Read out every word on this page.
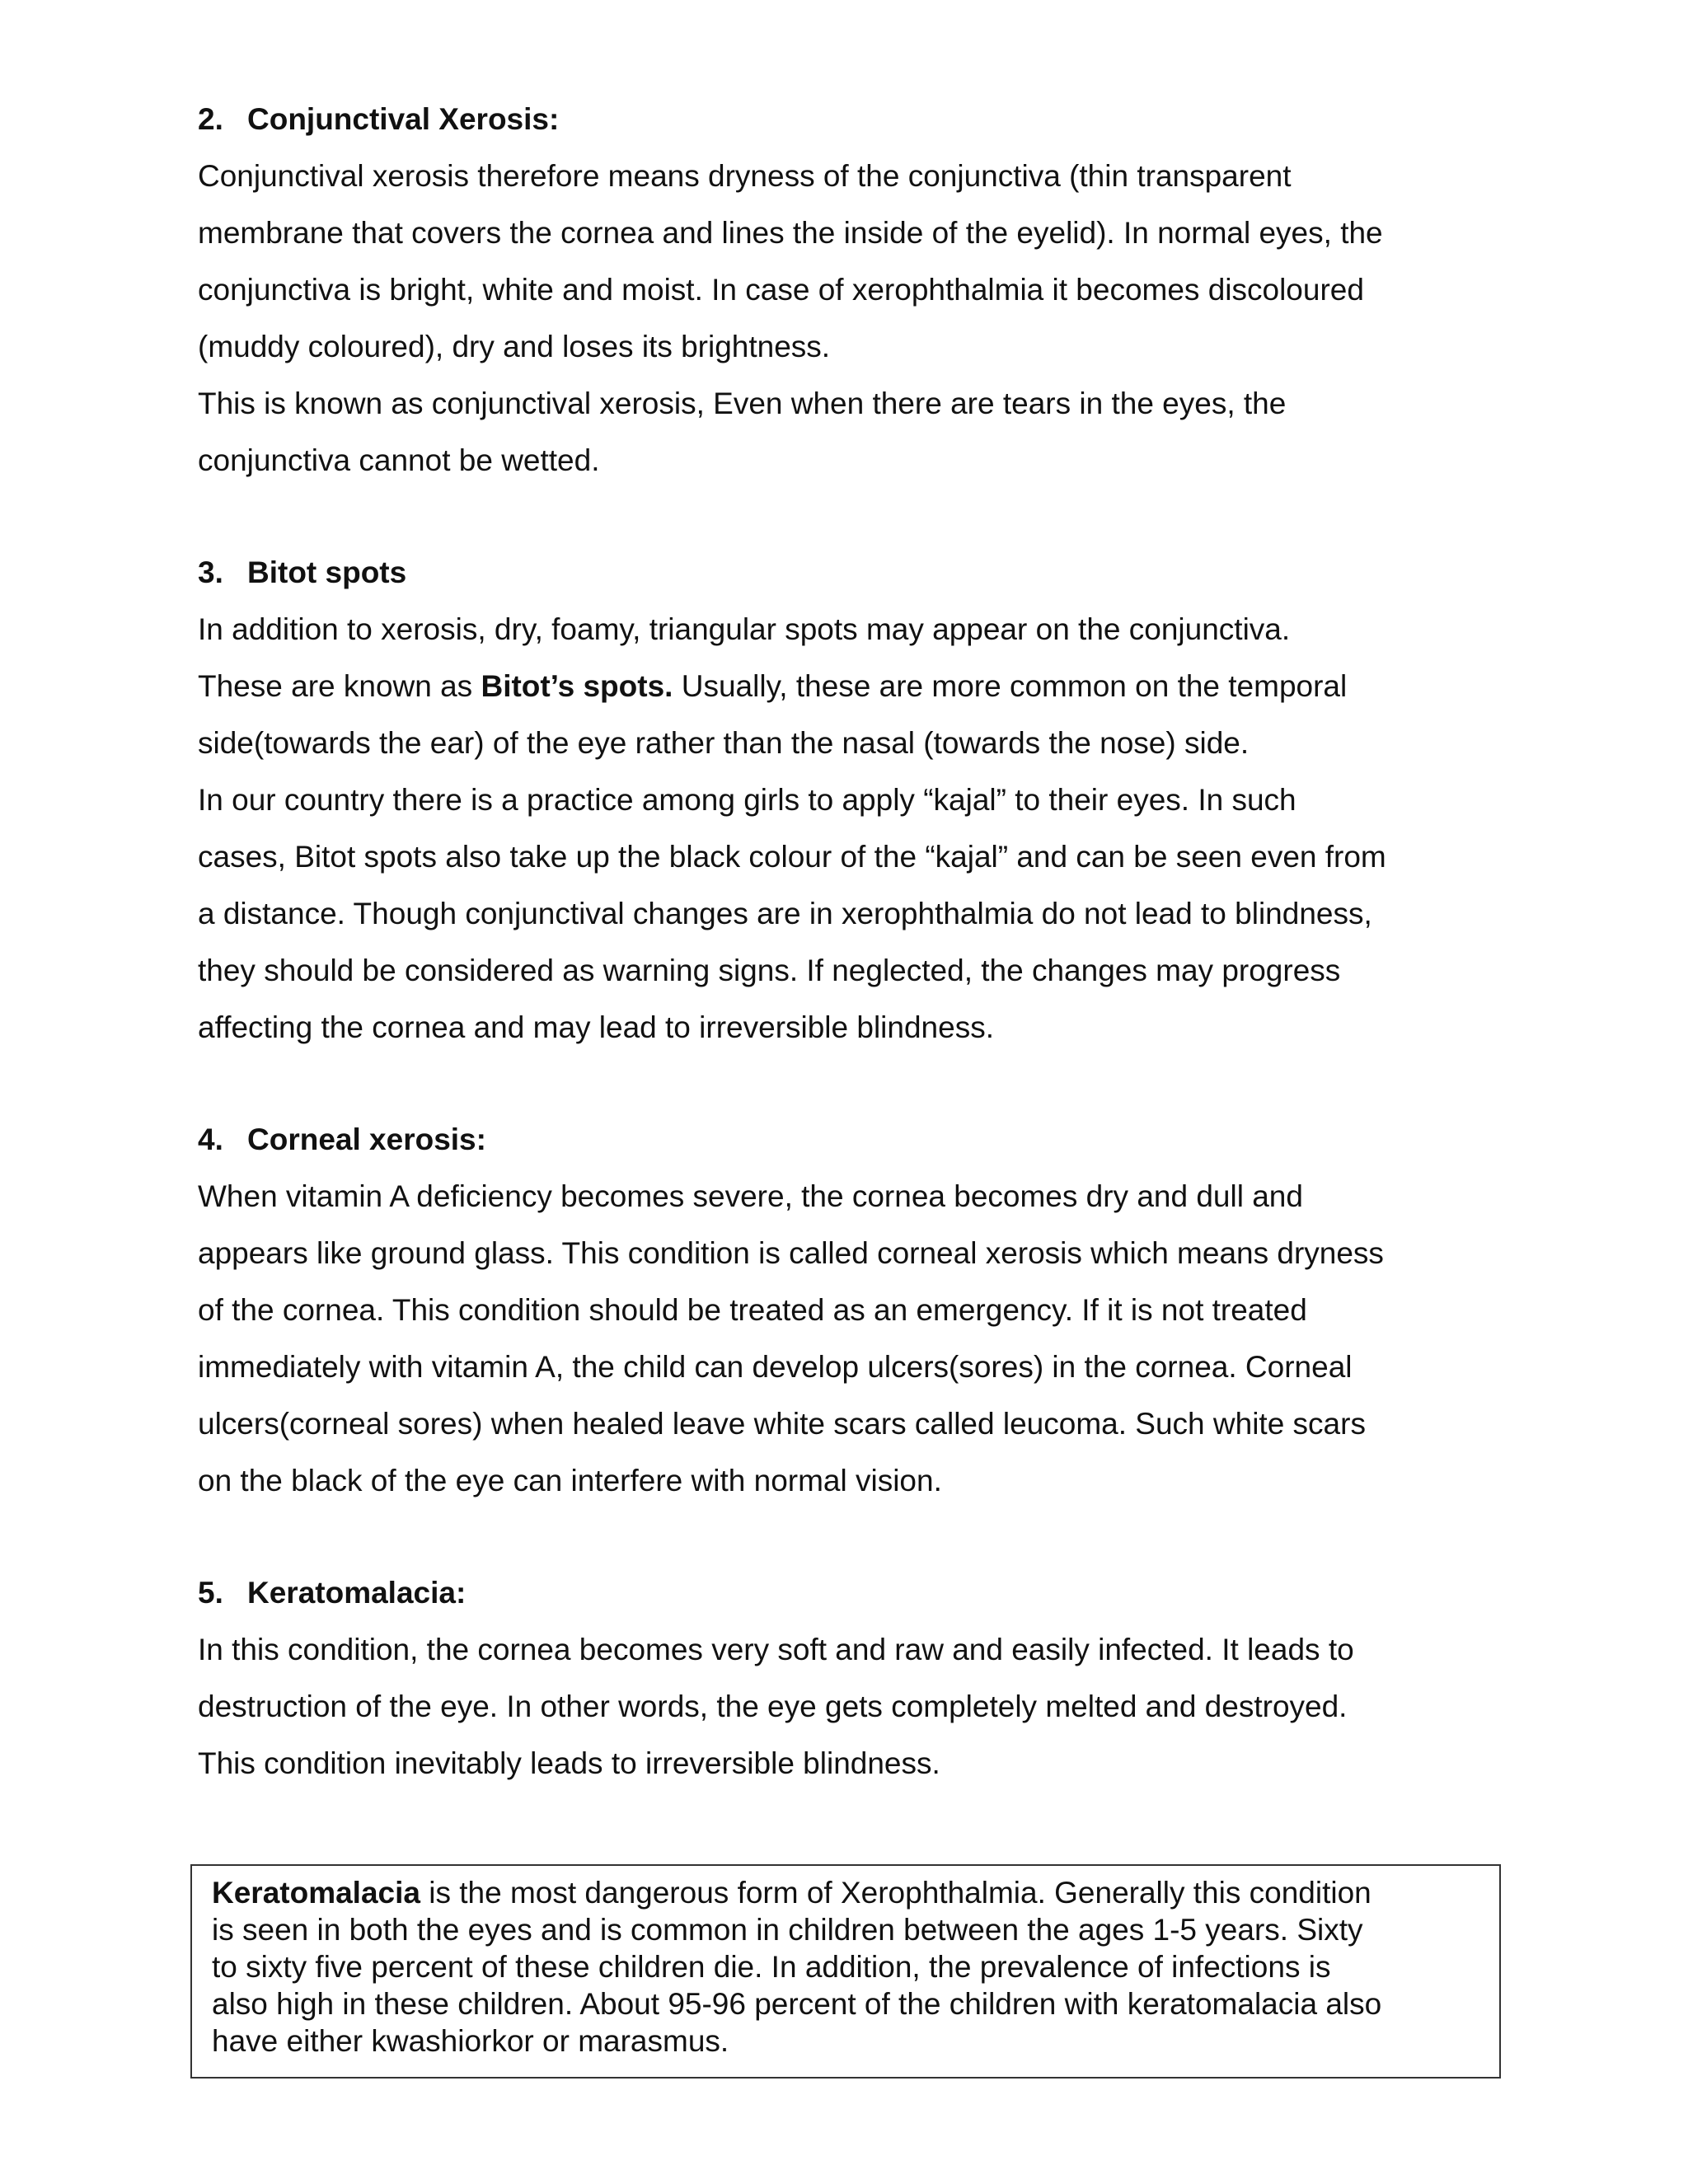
2. Conjunctival Xerosis:

Conjunctival xerosis therefore means dryness of the conjunctiva (thin transparent
membrane that covers the cornea and lines the inside of the eyelid). In normal eyes, the
conjunctiva is bright, white and moist. In case of xerophthalmia it becomes discoloured
(muddy coloured), dry and loses its brightness.
This is known as conjunctival xerosis, Even when there are tears in the eyes, the
conjunctiva cannot be wetted.

3. Bitot spots

In addition to xerosis, dry, foamy, triangular spots may appear on the conjunctiva.
These are known as Bitot’s spots. Usually, these are more common on the temporal
side(towards the ear) of the eye rather than the nasal (towards the nose) side.
In our country there is a practice among girls to apply “kajal” to their eyes. In such
cases, Bitot spots also take up the black colour of the “kajal” and can be seen even from
a distance. Though conjunctival changes are in xerophthalmia do not lead to blindness,
they should be considered as warning signs. If neglected, the changes may progress
affecting the cornea and may lead to irreversible blindness.

4. Corneal xerosis:

When vitamin A deficiency becomes severe, the cornea becomes dry and dull and
appears like ground glass. This condition is called corneal xerosis which means dryness
of the cornea. This condition should be treated as an emergency. If it is not treated
immediately with vitamin A, the child can develop ulcers(sores) in the cornea. Corneal
ulcers(corneal sores) when healed leave white scars called leucoma. Such white scars
on the black of the eye can interfere with normal vision.

5. Keratomalacia:

In this condition, the cornea becomes very soft and raw and easily infected. It leads to
destruction of the eye. In other words, the eye gets completely melted and destroyed.
This condition inevitably leads to irreversible blindness.

Keratomalacia is the most dangerous form of Xerophthalmia. Generally this condition
is seen in both the eyes and is common in children between the ages 1-5 years. Sixty
to sixty five percent of these children die. In addition, the prevalence of infections is
also high in these children. About 95-96 percent of the children with keratomalacia also
have either kwashiorkor or marasmus.
